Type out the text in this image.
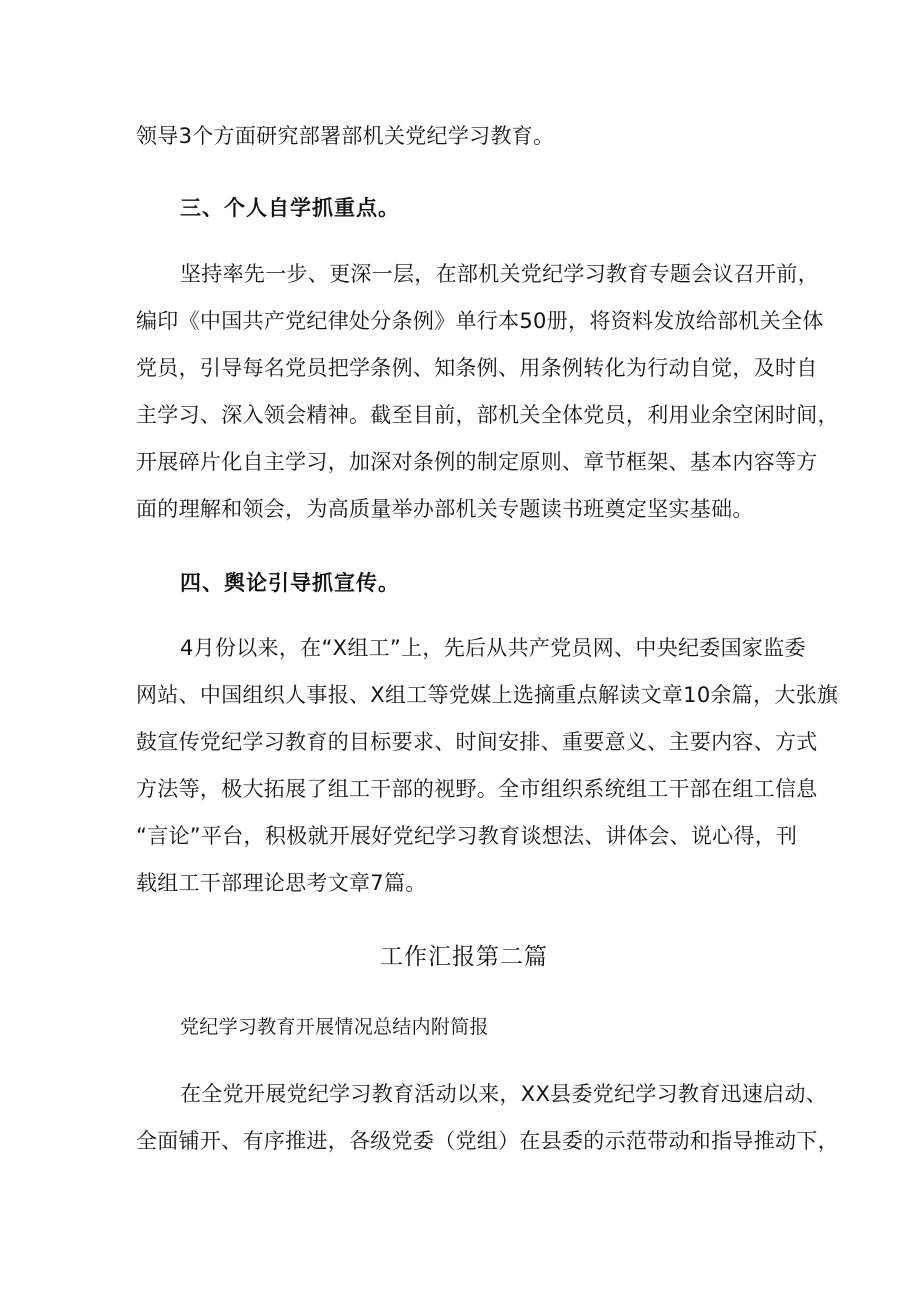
领导3个方面研究部署部机关党纪学习教育。
三、个人自学抓重点。
坚持率先一步、更深一层，在部机关党纪学习教育专题会议召开前，
编印《中国共产党纪律处分条例》单行本50册，将资料发放给部机关全体
党员，引导每名党员把学条例、知条例、用条例转化为行动自觉，及时自
主学习、深入领会精神。截至目前，部机关全体党员，利用业余空闲时间，
开展碎片化自主学习，加深对条例的制定原则、章节框架、基本内容等方
面的理解和领会，为高质量举办部机关专题读书班奠定坚实基础。
四、舆论引导抓宣传。
4月份以来，在“X组工”上，先后从共产党员网、中央纪委国家监委
网站、中国组织人事报、X组工等党媒上选摘重点解读文章10余篇，大张旗
鼓宣传党纪学习教育的目标要求、时间安排、重要意义、主要内容、方式
方法等，极大拓展了组工干部的视野。全市组织系统组工干部在组工信息
“言论”平台，积极就开展好党纪学习教育谈想法、讲体会、说心得，刊
载组工干部理论思考文章7篇。
工作汇报第二篇
党纪学习教育开展情况总结内附简报
在全党开展党纪学习教育活动以来，XX县委党纪学习教育迅速启动、
全面铺开、有序推进，各级党委（党组）在县委的示范带动和指导推动下，
